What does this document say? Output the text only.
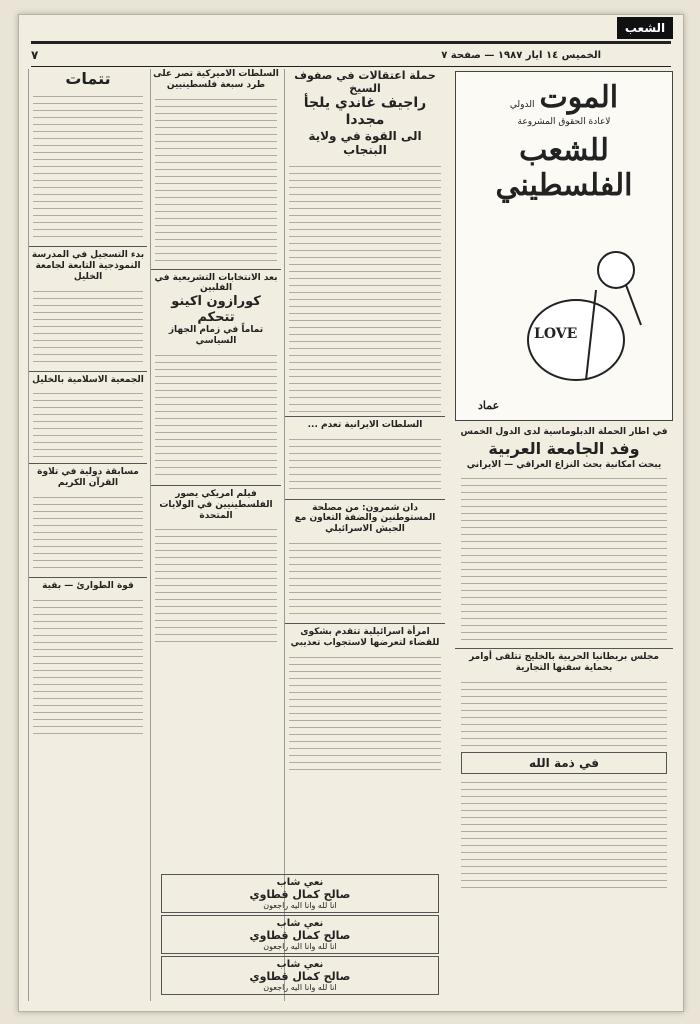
الشعب
الخميس ١٤ ايار ١٩٨٧ — صفحة ٧
٧
الموت الدولي
لاعادة الحقوق المشروعة
للشعب
الفلسطيني
LOVE
عماد
في اطار الحملة الدبلوماسية لدى الدول الخمس
وفد الجامعة العربية
يبحث امكانية بحث النزاع العراقي — الايراني
مجلس بريطانيا الحربية بالخليج تتلقى أوامر بحماية سفنها التجارية
في ذمة الله
حملة اعتقالات في صفوف السيخ
راجيف غاندي يلجأ مجددا
الى القوة في ولاية البنجاب
السلطات الايرانية تعدم ...
دان شمرون: من مصلحة المستوطنين والضفة التعاون مع الجيش الاسرائيلي
امرأة اسرائيلية تتقدم بشكوى للقضاء لتعرضها لاستجواب تعذيبي
السلطات الاميركية تصر على طرد سبعة فلسطينيين
بعد الانتخابات التشريعية في الفلبين
كورازون اكينو تتحكم
تماماً في زمام الجهاز السياسي
فيلم امريكي يصور الفلسطينيين في الولايات المتحدة
تتمات
بدء التسجيل في المدرسة النموذجية التابعة لجامعة الخليل
الجمعية الاسلامية بالخليل
مسابقة دولية في تلاوة القرآن الكريم
قوة الطوارئ — بقية
نعي شاب
صالح كمال قطاوي
انا لله وانا اليه راجعون
نعي شاب
صالح كمال قطاوي
انا لله وانا اليه راجعون
نعي شاب
صالح كمال قطاوي
انا لله وانا اليه راجعون
